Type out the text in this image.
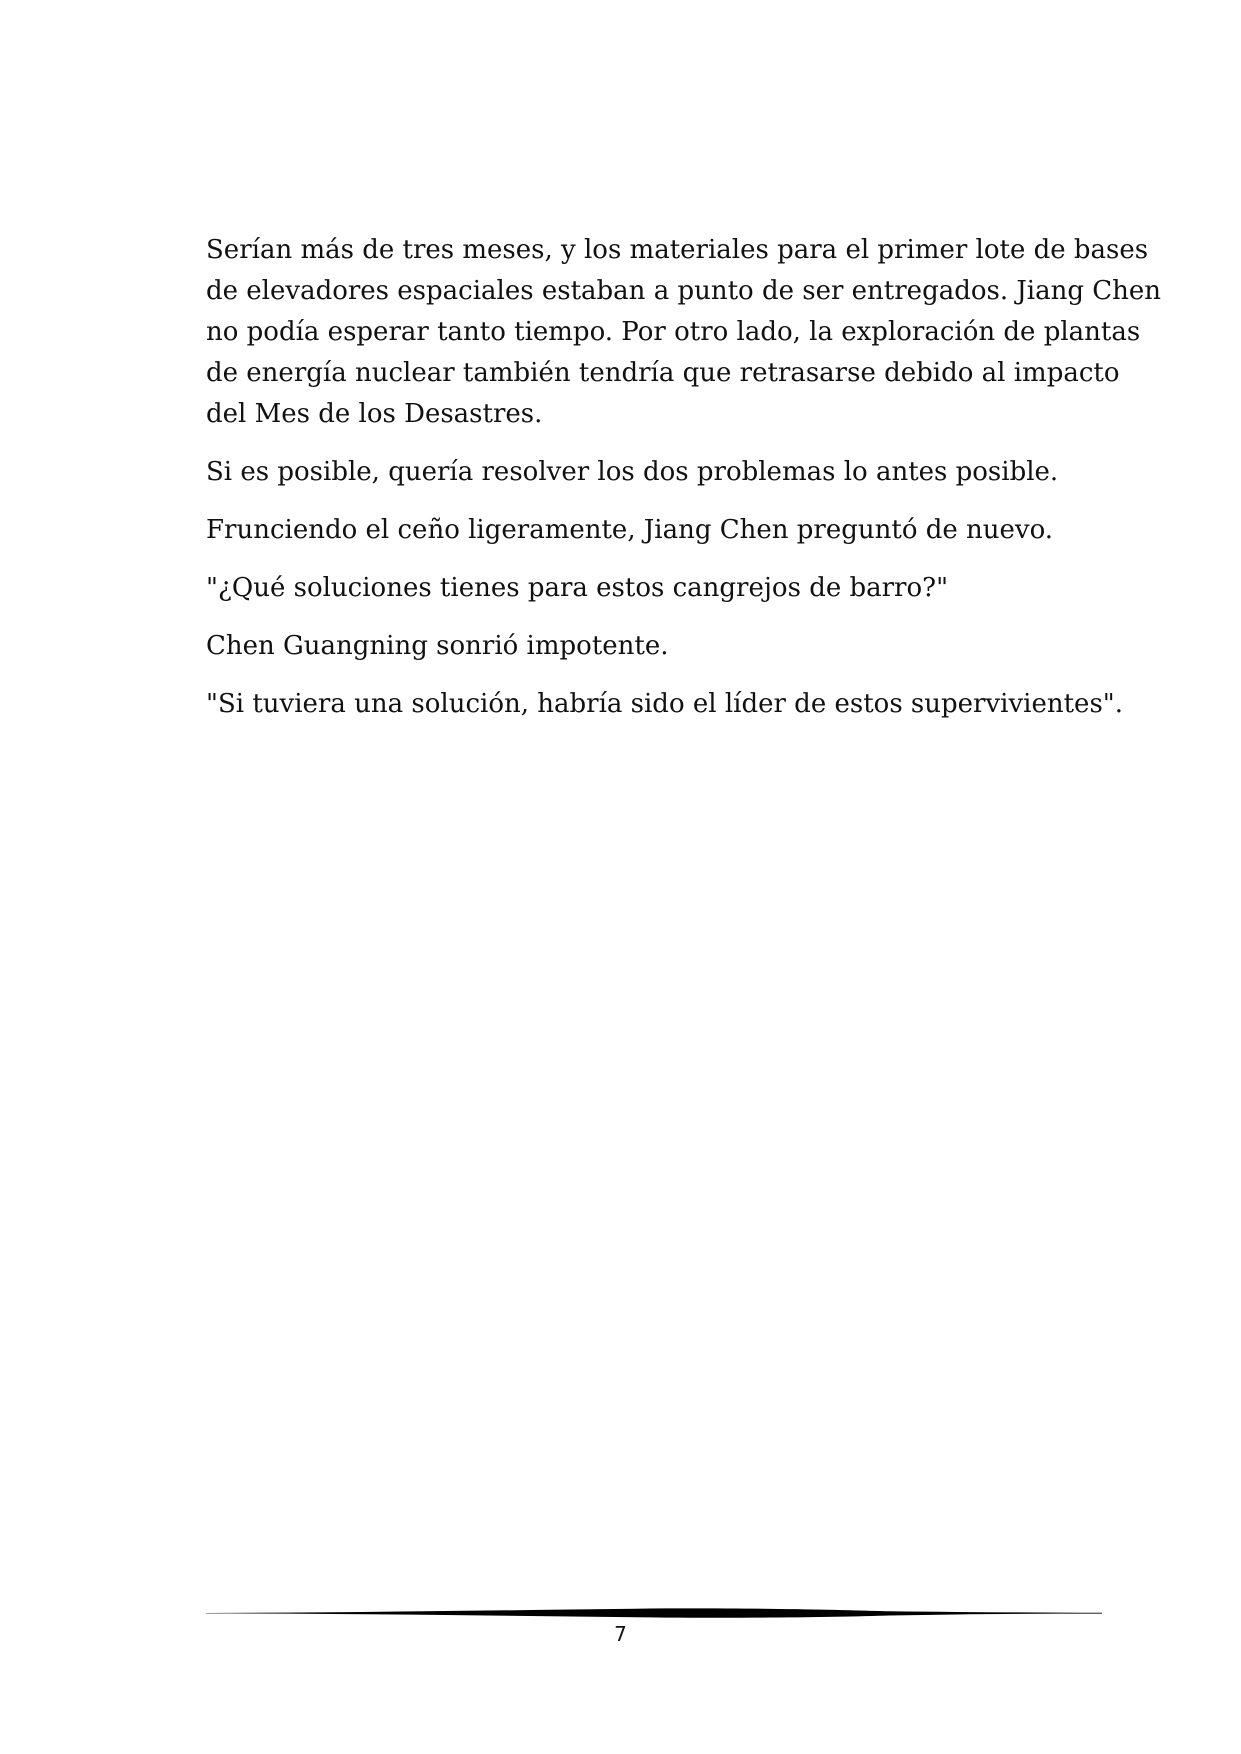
Serían más de tres meses, y los materiales para el primer lote de bases
de elevadores espaciales estaban a punto de ser entregados. Jiang Chen
no podía esperar tanto tiempo. Por otro lado, la exploración de plantas
de energía nuclear también tendría que retrasarse debido al impacto
del Mes de los Desastres.

Si es posible, quería resolver los dos problemas lo antes posible.

Frunciendo el ceño ligeramente, Jiang Chen preguntó de nuevo.

"¿Qué soluciones tienes para estos cangrejos de barro?"

Chen Guangning sonrió impotente.

"Si tuviera una solución, habría sido el líder de estos supervivientes".

7
